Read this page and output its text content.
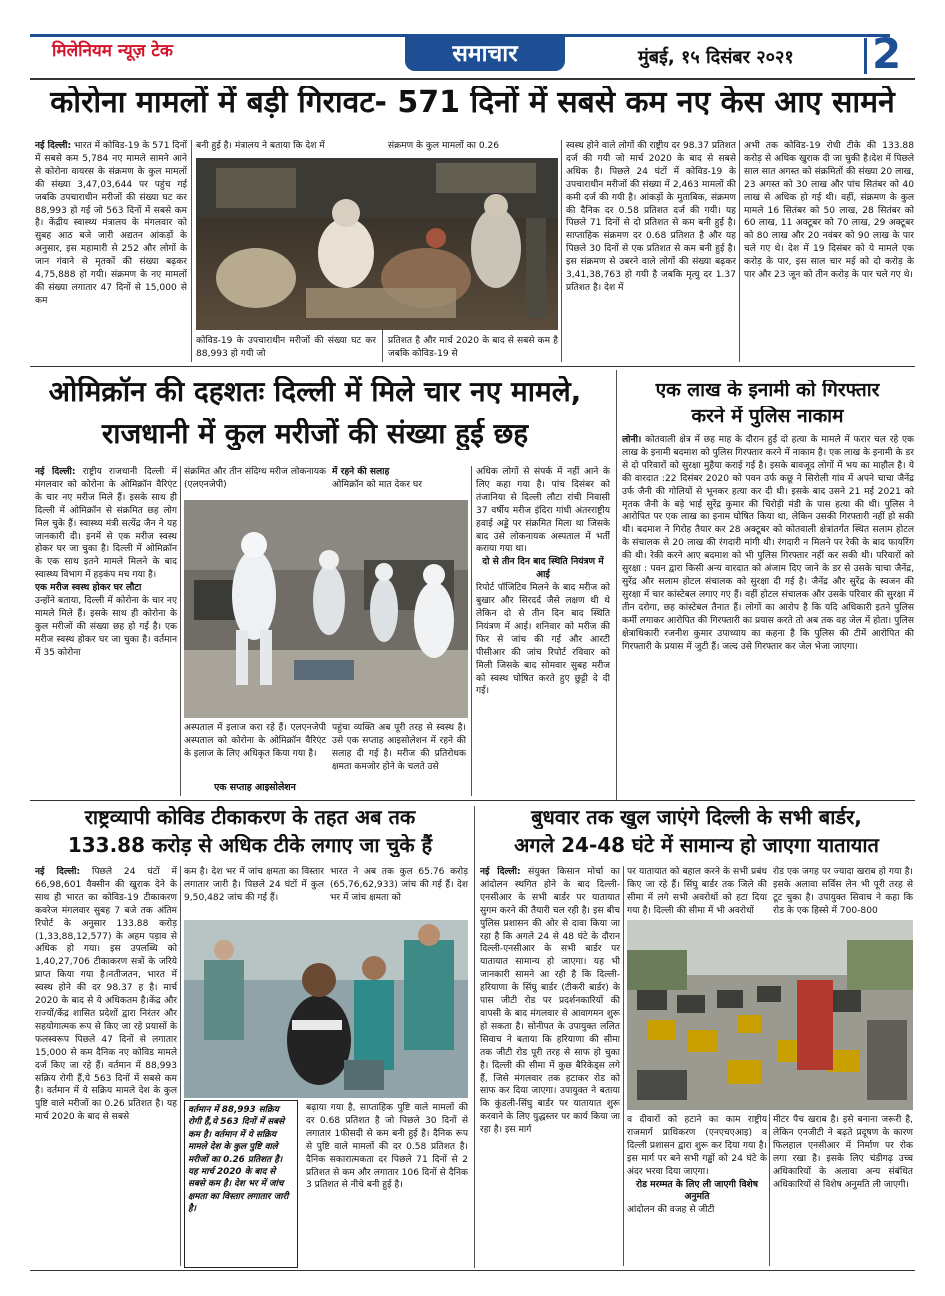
मिलेनियम न्यूज़ टेक	समाचार	मुंबई, १५ दिसंबर २०२१ 2
कोरोना मामलों में बड़ी गिरावट- 571 दिनों में सबसे कम नए केस आए सामने
नई दिल्ली: भारत में कोविड-19 के 571 दिनों में सबसे कम 5,784 नए मामले सामने आने से कोरोना वायरस के संक्रमण के कुल मामलों की संख्या 3,47,03,644 पर पहुंच गई जबकि उपचाराधीन मरीजों की संख्या घट कर 88,993 हो गई जो 563 दिनों में सबसे कम है। केंद्रीय स्वास्थ्य मंत्रालय के मंगलवार को सुबह आठ बजे जारी अद्यतन आंकड़ों के अनुसार, इस महामारी से 252 और लोगों के जान गंवाने से मृतकों की संख्या बढ़कर 4,75,888 हो गयी। संक्रमण के नए मामलों की संख्या लगातार 47 दिनों से 15,000 से कम
बनी हुई है। मंत्रालय ने बताया कि देश में	संक्रमण के कुल मामलों का 0.26
कोविड-19 के उपचाराधीन मरीजों की संख्या घट कर 88,993 हो गयी जो
प्रतिशत है और मार्च 2020 के बाद से सबसे कम है जबकि कोविड-19 से
स्वस्थ होने वाले लोगों की राष्ट्रीय दर 98.37 प्रतिशत दर्ज की गयी जो मार्च 2020 के बाद से सबसे अधिक है। पिछले 24 घंटों में कोविड-19 के उपचाराधीन मरीजों की संख्या में 2,463 मामलों की कमी दर्ज की गयी है। आंकड़ों के मुताबिक, संक्रमण की दैनिक दर 0.58 प्रतिशत दर्ज की गयी। यह पिछले 71 दिनों से दो प्रतिशत से कम बनी हुई है। साप्ताहिक संक्रमण दर 0.68 प्रतिशत है और यह पिछले 30 दिनों से एक प्रतिशत से कम बनी हुई है। इस संक्रमण से उबरने वाले लोगों की संख्या बढ़कर 3,41,38,763 हो गयी है जबकि मृत्यु दर 1.37 प्रतिशत है। देश में
अभी तक कोविड-19 रोधी टीके की 133.88 करोड़ से अधिक खुराक दी जा चुकी है।देश में पिछले साल सात अगस्त को संक्रमितों की संख्या 20 लाख, 23 अगस्त को 30 लाख और पांच सितंबर को 40 लाख से अधिक हो गई थी। वहीं, संक्रमण के कुल मामले 16 सितंबर को 50 लाख, 28 सितंबर को 60 लाख, 11 अक्टूबर को 70 लाख, 29 अक्टूबर को 80 लाख और 20 नवंबर को 90 लाख के पार चले गए थे। देश में 19 दिसंबर को ये मामले एक करोड़ के पार, इस साल चार मई को दो करोड़ के पार और 23 जून को तीन करोड़ के पार चले गए थे।
ओमिक्रॉन की दहशतः दिल्ली में मिले चार नए मामले,
राजधानी में कुल मरीजों की संख्या हुई छह
नई दिल्ली: राष्ट्रीय राजधानी दिल्ली में मंगलवार को कोरोना के ओमिक्रॉन वैरिएंट के चार नए मरीज मिले हैं। इसके साथ ही दिल्ली में ओमिक्रॉन से संक्रमित छह लोग मिल चुके हैं। स्वास्थ्य मंत्री सत्येंद्र जैन ने यह जानकारी दी। इनमें से एक मरीज स्वस्थ होकर घर जा चुका है। दिल्ली में ओमिक्रॉन के एक साथ इतने मामले मिलने के बाद स्वास्थ्य विभाग में हड़कंप मच गया है।
एक मरीज स्वस्थ होकर घर लौटा
उन्होंने बताया, दिल्ली में कोरोना के चार नए मामले मिले हैं। इसके साथ ही कोरोना के कुल मरीजों की संख्या छह हो गई है। एक मरीज स्वस्थ होकर घर जा चुका है। वर्तमान में 35 कोरोना
संक्रमित और तीन संदिग्ध मरीज लोकनायक (एलएनजेपी)
में रहने की सलाह
ओमिक्रॉन को मात देकर घर
अस्पताल में इलाज करा रहे हैं। एलएनजेपी अस्पताल को कोरोना के ओमिक्रॉन वैरिएंट के इलाज के लिए अधिकृत किया गया है।
एक सप्ताह आइसोलेशन
पहुंचा व्यक्ति अब पूरी तरह से स्वस्थ है। उसे एक सप्ताह आइसोलेशन में रहने की सलाह दी गई है। मरीज की प्रतिरोधक क्षमता कमजोर होने के चलते उसे
अधिक लोगों से संपर्क में नहीं आने के लिए कहा गया है। पांच दिसंबर को तंजानिया से दिल्ली लौटा रांची निवासी 37 वर्षीय मरीज इंदिरा गांधी अंतरराष्ट्रीय हवाई अड्डे पर संक्रमित मिला था जिसके बाद उसे लोकनायक अस्पताल में भर्ती कराया गया था।
दो से तीन दिन बाद स्थिति नियंत्रण में आई
रिपोर्ट पॉजिटिव मिलने के बाद मरीज को बुखार और सिरदर्द जैसे लक्षण थी थे लेकिन दो से तीन दिन बाद स्थिति नियंत्रण में आई। शनिवार को मरीज की फिर से जांच की गई और आरटी पीसीआर की जांच रिपोर्ट रविवार को मिली जिसके बाद सोमवार सुबह मरीज को स्वस्थ घोषित करते हुए छुट्टी दे दी गई।
एक लाख के इनामी को गिरफ्तार
करने में पुलिस नाकाम
लोनी। कोतवाली क्षेत्र में छह माह के दौरान हुई दो हत्या के मामले में फरार चल रहे एक लाख के इनामी बदमाश को पुलिस गिरफ्तार करने में नाकाम है। एक लाख के इनामी के डर से दो परिवारों को सुरक्षा मुहैया कराई गई है। इसके बावजूद लोगों में भय का माहौल है। ये की वारदात :22 दिसंबर 2020 को पवन उर्फ कछू ने सिरोली गांव में अपने चाचा जैनेंद्र उर्फ जैनी की गोलियों से भूनकर हत्या कर दी थी। इसके बाद उसने 21 मई 2021 को मृतक जैनी के बड़े भाई सुरेंद्र कुमार की चिरोड़ी मंडी के पास हत्या की थी। पुलिस ने आरोपित पर एक लाख का इनाम घोषित किया था, लेकिन उसकी गिरफ्तारी नहीं हो सकी थी। बदमाश ने गिरोह तैयार कर 28 अक्टूबर को कोतवाली क्षेत्रांतर्गत स्थित सलाम होटल के संचालक से 20 लाख की रंगदारी मांगी थी। रंगदारी न मिलने पर रेकी के बाद फायरिंग की थी। रेकी करने आए बदमाश को भी पुलिस गिरफ्तार नहीं कर सकी थी। परिवारों को सुरक्षा : पवन द्वारा किसी अन्य वारदात को अंजाम दिए जाने के डर से उसके चाचा जैनेंद्र, सुरेंद्र और सलाम होटल संचालक को सुरक्षा दी गई है। जैनेंद्र और सुरेंद्र के स्वजन की सुरक्षा में चार कांस्टेबल लगाए गए हैं। वहीं होटल संचालक और उसके परिवार की सुरक्षा में तीन दरोगा, छह कांस्टेबल तैनात हैं। लोगों का आरोप है कि यदि अधिकारी इतने पुलिस कर्मी लगाकर आरोपित की गिरफ्तारी का प्रयास करते तो अब तक वह जेल में होता। पुलिस क्षेत्राधिकारी रजनीश कुमार उपाध्याय का कहना है कि पुलिस की टीमें आरोपित की गिरफ्तारी के प्रयास में जुटी हैं। जल्द उसे गिरफ्तार कर जेल भेजा जाएगा।
राष्ट्रव्यापी कोविड टीकाकरण के तहत अब तक
133.88 करोड़ से अधिक टीके लगाए जा चुके हैं
नई दिल्ली: पिछले 24 घंटों में 66,98,601 वैक्सीन की खुराक देने के साथ ही भारत का कोविड-19 टीकाकरण कवरेज मंगलवार सुबह 7 बजे तक अंतिम रिपोर्ट के अनुसार 133.88 करोड़ (1,33,88,12,577) के अहम पड़ाव से अधिक हो गया। इस उपलब्धि को 1,40,27,706 टीकाकरण सत्रों के जरिये प्राप्त किया गया है।नतीजतन, भारत में स्वस्थ होने की दर 98.37 ह है। मार्च 2020 के बाद से ये अधिकतम है।केंद्र और राज्यों/केंद्र शासित प्रदेशों द्वारा निरंतर और सहयोगात्मक रूप से किए जा रहे प्रयासों के फलस्वरूप पिछले 47 दिनों से लगातार 15,000 से कम दैनिक नए कोविड मामले दर्ज किए जा रहे हैं। वर्तमान में 88,993 सक्रिय रोगी हैं,ये 563 दिनों में सबसे कम है। वर्तमान में ये सक्रिय मामले देश के कुल पुष्टि वाले मरीजों का 0.26 प्रतिशत है। यह मार्च 2020 के बाद से सबसे
कम है। देश भर में जांच क्षमता का विस्तार लगातार जारी है। पिछले 24 घंटों में कुल 9,50,482 जांच की गई हैं।
भारत ने अब तक कुल 65.76 करोड़ (65,76,62,933) जांच की गई हैं। देश भर में जांच क्षमता को
वर्तमान में 88,993 सक्रिय रोगी हैं,ये 563 दिनों में सबसे कम है। वर्तमान में ये सक्रिय मामले देश के कुल पुष्टि वाले मरीजों का 0.26 प्रतिशत है। यह मार्च 2020 के बाद से सबसे कम है। देश भर में जांच क्षमता का विस्तार लगातार जारी है।
बढ़ाया गया है, साप्ताहिक पुष्टि वाले मामलों की दर 0.68 प्रतिशत है जो पिछले 30 दिनों से लगातार 1फीसदी से कम बनी हुई है। दैनिक रूप से पुष्टि वाले मामलों की दर 0.58 प्रतिशत है। दैनिक सकारात्मकता दर पिछले 71 दिनों से 2 प्रतिशत से कम और लगातार 106 दिनों से दैनिक 3 प्रतिशत से नीचे बनी हुई है।
बुधवार तक खुल जाएंगे दिल्ली के सभी बार्डर,
अगले 24-48 घंटे में सामान्य हो जाएगा यातायात
नई दिल्ली: संयुक्त किसान मोर्चा का आंदोलन स्थगित होने के बाद दिल्ली-एनसीआर के सभी बार्डर पर यातायात सुगम करने की तैयारी चल रही है। इस बीच पुलिस प्रशासन की ओर से दावा किया जा रहा है कि अगले 24 से 48 घंटे के दौरान दिल्ली-एनसीआर के सभी बार्डर पर यातायात सामान्य हो जाएगा। यह भी जानकारी सामने आ रही है कि दिल्ली-हरियाणा के सिंघु बार्डर (टीकरी बार्डर) के पास जीटी रोड पर प्रदर्शनकारियों की वापसी के बाद मंगलवार से आवागमन शुरू हो सकता है। सोनीपत के उपायुक्त ललित सिवाच ने बताया कि हरियाणा की सीमा तक जीटी रोड पूरी तरह से साफ हो चुका है। दिल्ली की सीमा में कुछ बैरिकेड्स लगे हैं, जिसे मंगलवार तक हटाकर रोड को साफ कर दिया जाएगा। उपायुक्त ने बताया कि कुंडली-सिंघु बार्डर पर यातायात शुरू करवाने के लिए युद्धस्तर पर कार्य किया जा रहा है। इस मार्ग
पर यातायात को बहाल करने के सभी प्रबंध किए जा रहे हैं। सिंघु बार्डर तक जिले की सीमा में लगे सभी अवरोधों को हटा दिया गया है। दिल्ली की सीमा में भी अवरोधों
रोड एक जगह पर ज्यादा खराब हो गया है। इसके अलावा सर्विस लेन भी पूरी तरह से टूट चुका है। उपायुक्त सिवाच ने कहा कि रोड के एक हिस्से में 700-800
व दीवारों को हटाने का काम राष्ट्रीय राजमार्ग प्राधिकरण (एनएचएआइ) व दिल्ली प्रशासन द्वारा शुरू कर दिया गया है। इस मार्ग पर बने सभी गड्ढों को 24 घंटे के अंदर भरवा दिया जाएगा।
रोड मरम्मत के लिए ली जाएगी विशेष अनुमति
आंदोलन की वजह से जीटी
मीटर पैच खराब है। इसे बनाना जरूरी है, लेकिन एनजीटी ने बढ़ते प्रदूषण के कारण फिलहाल एनसीआर में निर्माण पर रोक लगा रखा है। इसके लिए चंडीगढ़ उच्च अधिकारियों के अलावा अन्य संबंधित अधिकारियों से विशेष अनुमति ली जाएगी।
